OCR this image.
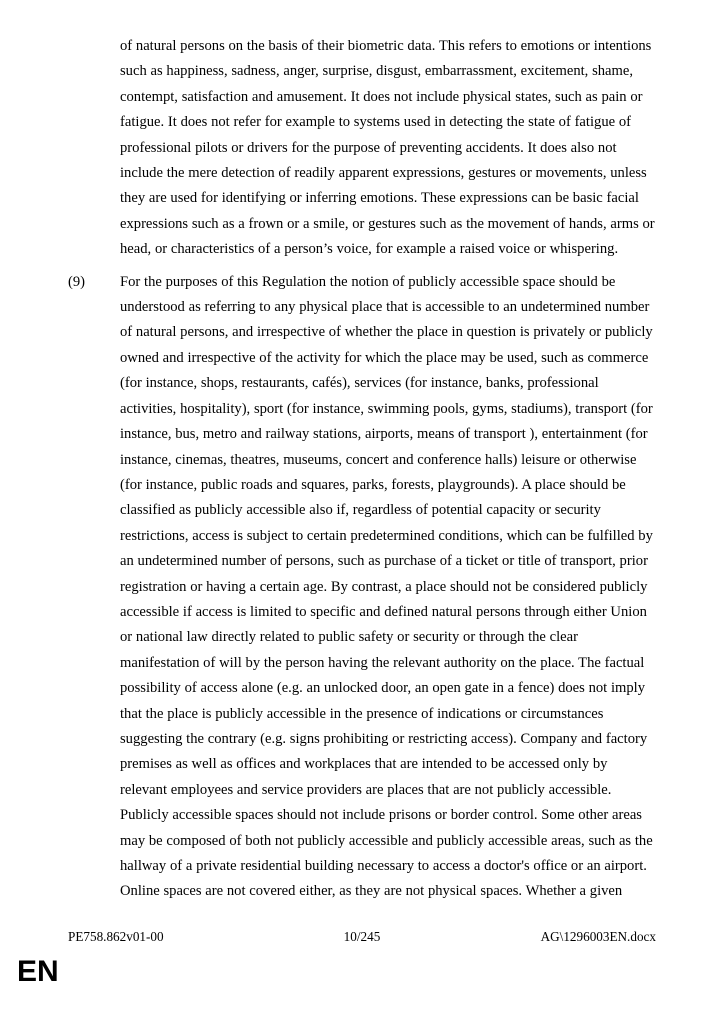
of natural persons on the basis of their biometric data. This refers to emotions or intentions
such as happiness, sadness, anger, surprise, disgust, embarrassment, excitement, shame,
contempt, satisfaction and amusement. It does not include physical states, such as pain or
fatigue. It does not refer for example to systems used in detecting the state of fatigue of
professional pilots or drivers for the purpose of preventing accidents. It does also not
include the mere detection of readily apparent expressions, gestures or movements, unless
they are used for identifying or inferring emotions. These expressions can be basic facial
expressions such as a frown or a smile, or gestures such as the movement of hands, arms or
head, or characteristics of a person’s voice, for example a raised voice or whispering.
(9)	For the purposes of this Regulation the notion of publicly accessible space should be
understood as referring to any physical place that is accessible to an undetermined number
of natural persons, and irrespective of whether the place in question is privately or publicly
owned and irrespective of the activity for which the place may be used, such as commerce
(for instance, shops, restaurants, cafés), services (for instance, banks, professional
activities, hospitality), sport (for instance, swimming pools, gyms, stadiums), transport (for
instance, bus, metro and railway stations, airports, means of transport ), entertainment (for
instance, cinemas, theatres, museums, concert and conference halls) leisure or otherwise
(for instance, public roads and squares, parks, forests, playgrounds). A place should be
classified as publicly accessible also if, regardless of potential capacity or security
restrictions, access is subject to certain predetermined conditions, which can be fulfilled by
an undetermined number of persons, such as purchase of a ticket or title of transport, prior
registration or having a certain age. By contrast, a place should not be considered publicly
accessible if access is limited to specific and defined natural persons through either Union
or national law directly related to public safety or security or through the clear
manifestation of will by the person having the relevant authority on the place. The factual
possibility of access alone (e.g. an unlocked door, an open gate in a fence) does not imply
that the place is publicly accessible in the presence of indications or circumstances
suggesting the contrary (e.g. signs prohibiting or restricting access). Company and factory
premises as well as offices and workplaces that are intended to be accessed only by
relevant employees and service providers are places that are not publicly accessible.
Publicly accessible spaces should not include prisons or border control. Some other areas
may be composed of both not publicly accessible and publicly accessible areas, such as the
hallway of a private residential building necessary to access a doctor's office or an airport.
Online spaces are not covered either, as they are not physical spaces. Whether a given
PE758.862v01-00	10/245	AG\1296003EN.docx
EN
